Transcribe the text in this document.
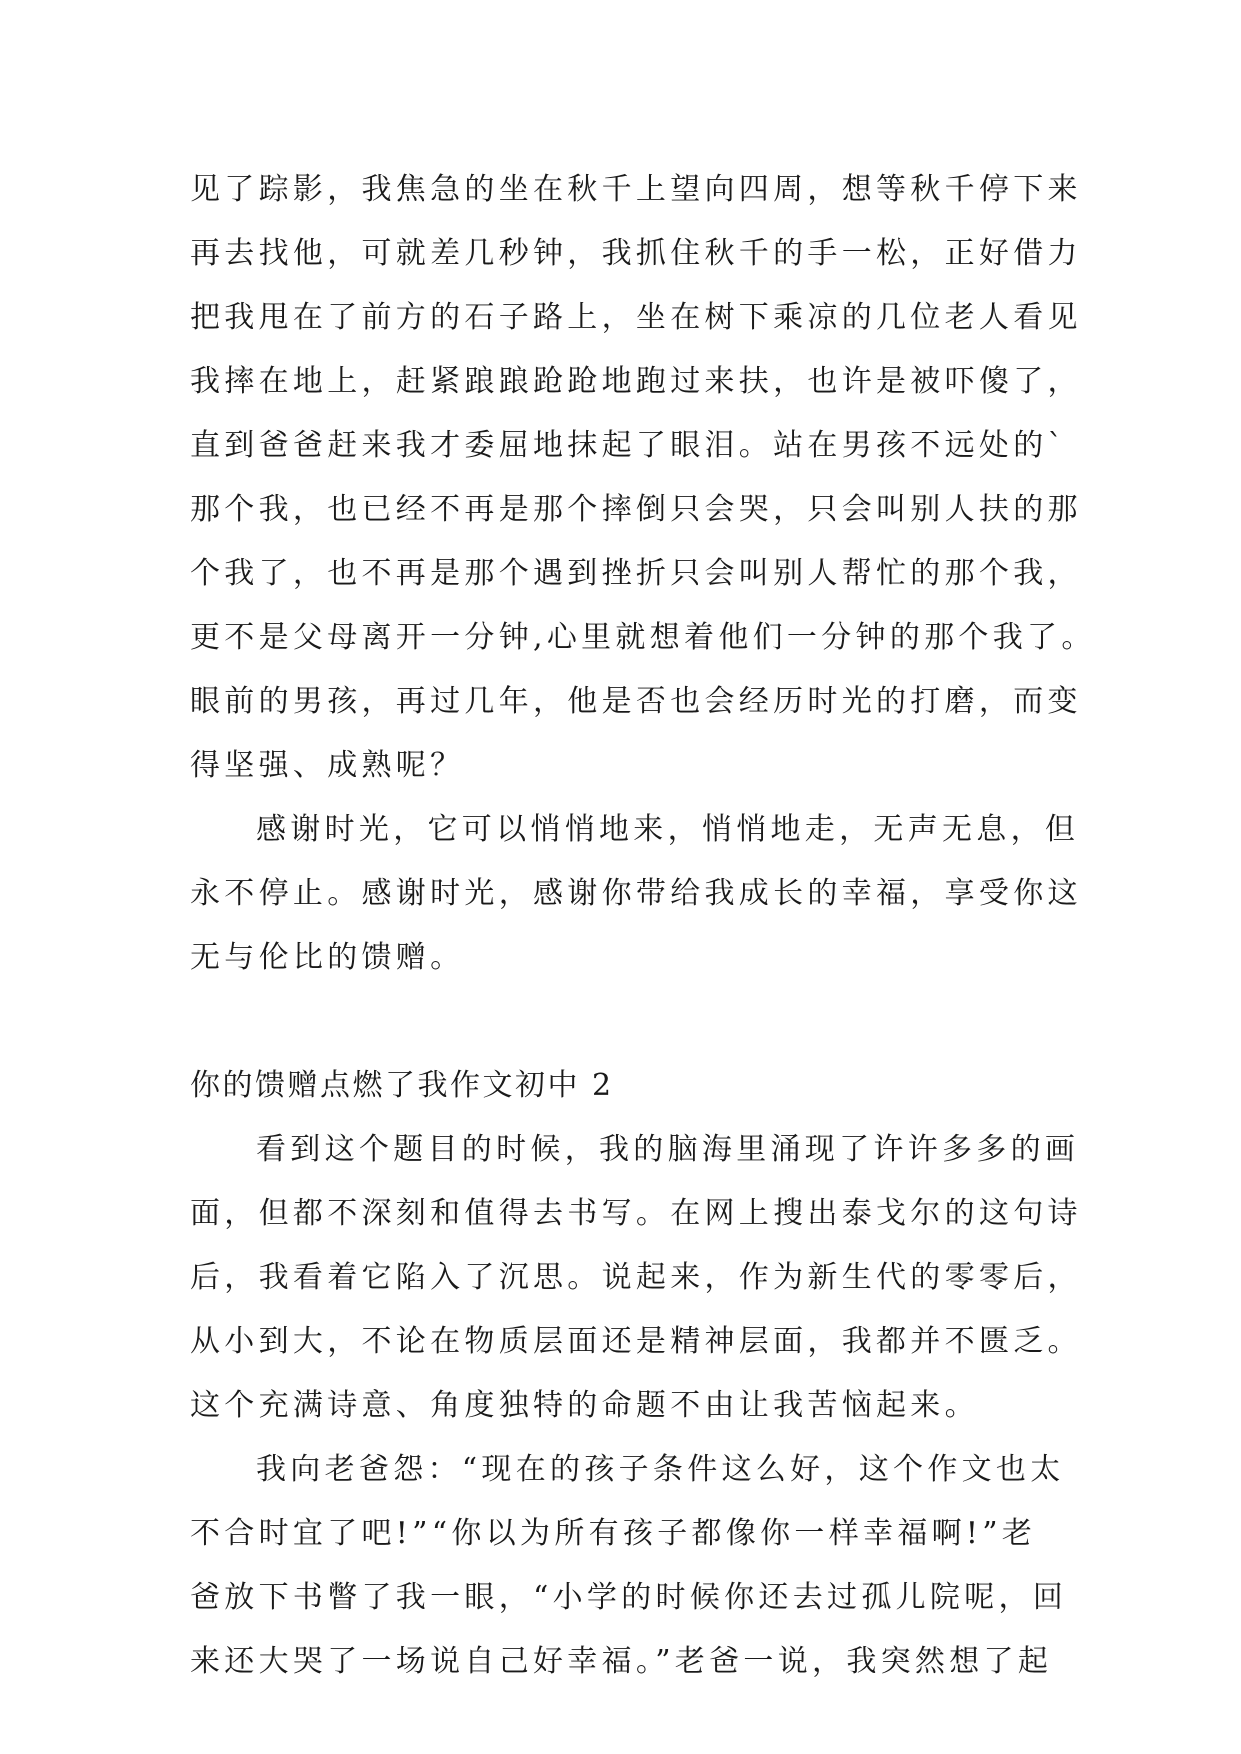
见了踪影，我焦急的坐在秋千上望向四周，想等秋千停下来
再去找他，可就差几秒钟，我抓住秋千的手一松，正好借力
把我甩在了前方的石子路上，坐在树下乘凉的几位老人看见
我摔在地上，赶紧踉踉跄跄地跑过来扶，也许是被吓傻了，
直到爸爸赶来我才委屈地抹起了眼泪。站在男孩不远处的`
那个我，也已经不再是那个摔倒只会哭，只会叫别人扶的那
个我了，也不再是那个遇到挫折只会叫别人帮忙的那个我，
更不是父母离开一分钟,心里就想着他们一分钟的那个我了。
眼前的男孩，再过几年，他是否也会经历时光的打磨，而变
得坚强、成熟呢？
感谢时光，它可以悄悄地来，悄悄地走，无声无息，但
永不停止。感谢时光，感谢你带给我成长的幸福，享受你这
无与伦比的馈赠。
你的馈赠点燃了我作文初中 2
看到这个题目的时候，我的脑海里涌现了许许多多的画
面，但都不深刻和值得去书写。在网上搜出泰戈尔的这句诗
后，我看着它陷入了沉思。说起来，作为新生代的零零后，
从小到大，不论在物质层面还是精神层面，我都并不匮乏。
这个充满诗意、角度独特的命题不由让我苦恼起来。
我向老爸怨：“现在的孩子条件这么好，这个作文也太
不合时宜了吧!”“你以为所有孩子都像你一样幸福啊!”老
爸放下书瞥了我一眼，“小学的时候你还去过孤儿院呢，回
来还大哭了一场说自己好幸福。”老爸一说，我突然想了起
